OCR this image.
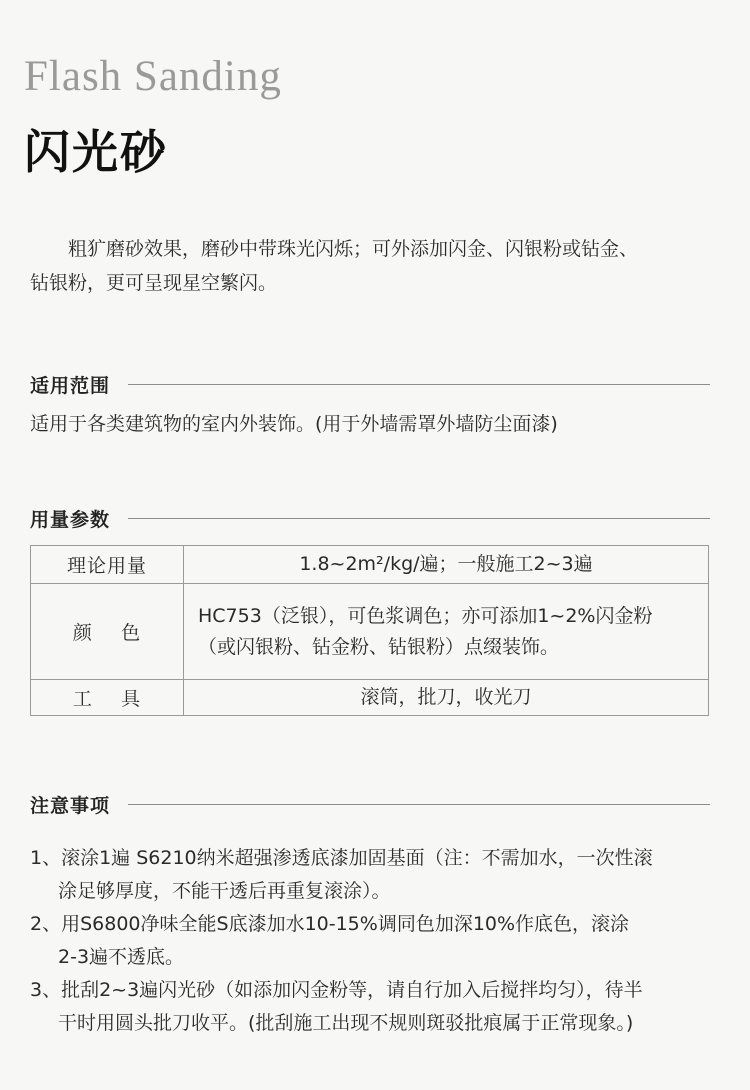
Flash Sanding
闪光砂

粗犷磨砂效果，磨砂中带珠光闪烁；可外添加闪金、闪银粉或钻金、

钻银粉，更可呈现星空繁闪。

适用范围
适用于各类建筑物的室内外装饰。(用于外墙需罩外墙防尘面漆)
用量参数
理论用量	1.8~2m²/kg/遍；一般施工2~3遍
颜    色	HC753（泛银），可色浆调色；亦可添加1~2%闪金粉
（或闪银粉、钻金粉、钻银粉）点缀装饰。

工    具	滚筒，批刀，收光刀
注意事项
1、滚涂1遍 S6210纳米超强渗透底漆加固基面（注：不需加水，一次性滚
涂足够厚度，不能干透后再重复滚涂）。
2、用S6800净味全能S底漆加水10-15%调同色加深10%作底色，滚涂
2-3遍不透底。
3、批刮2~3遍闪光砂（如添加闪金粉等，请自行加入后搅拌均匀），待半
干时用圆头批刀收平。(批刮施工出现不规则斑驳批痕属于正常现象。)
